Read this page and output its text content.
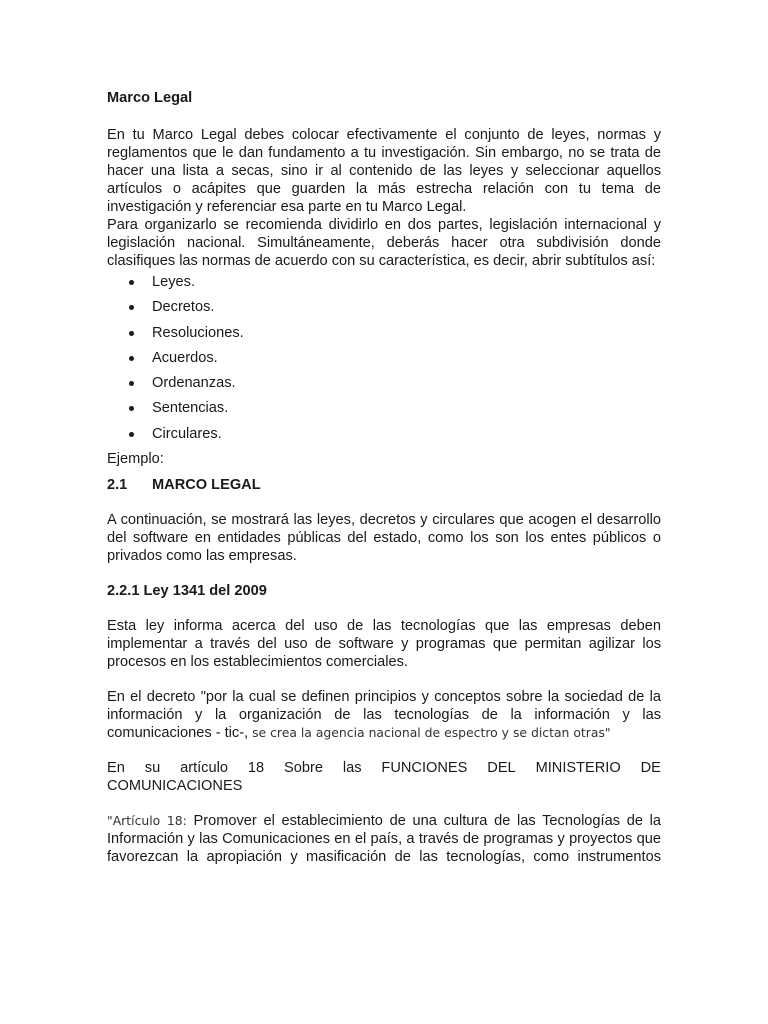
Marco Legal

En tu Marco Legal debes colocar efectivamente el conjunto de leyes, normas y reglamentos que le dan fundamento a tu investigación. Sin embargo, no se trata de hacer una lista a secas, sino ir al contenido de las leyes y seleccionar aquellos artículos o acápites que guarden la más estrecha relación con tu tema de investigación y referenciar esa parte en tu Marco Legal.

Para organizarlo se recomienda dividirlo en dos partes, legislación internacional y legislación nacional. Simultáneamente, deberás hacer otra subdivisión donde clasifiques las normas de acuerdo con su característica, es decir, abrir subtítulos así:

Leyes.
Decretos.
Resoluciones.
Acuerdos.
Ordenanzas.
Sentencias.
Circulares.

Ejemplo:

2.1 MARCO LEGAL

A continuación, se mostrará las leyes, decretos y circulares que acogen el desarrollo del software en entidades públicas del estado, como los son los entes públicos o privados como las empresas.

2.2.1 Ley 1341 del 2009

Esta ley informa acerca del uso de las tecnologías que las empresas deben implementar a través del uso de software y programas que permitan agilizar los procesos en los establecimientos comerciales.

En el decreto "por la cual se definen principios y conceptos sobre la sociedad de la información y la organización de las tecnologías de la información y las comunicaciones - tic-, se crea la agencia nacional de espectro y se dictan otras"

En su artículo 18 Sobre las FUNCIONES DEL MINISTERIO DE
COMUNICACIONES

"Artículo 18: Promover el establecimiento de una cultura de las Tecnologías de la Información y las Comunicaciones en el país, a través de programas y proyectos que favorezcan la apropiación y masificación de las tecnologías, como instrumentos
